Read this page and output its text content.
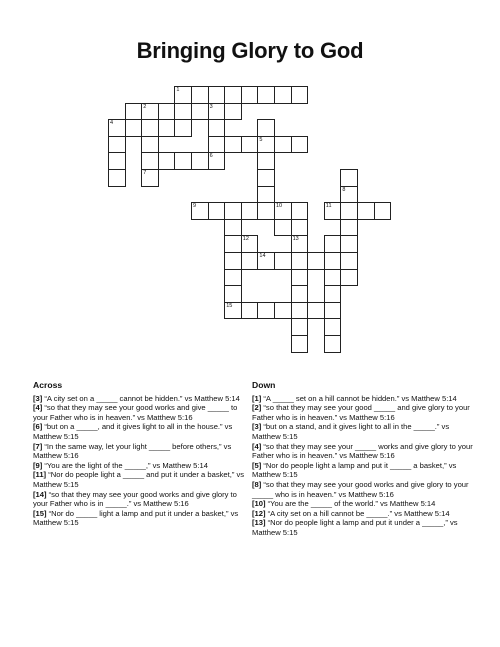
Bringing Glory to God
1
2	3
4
5
6
7
8
9	10	11
12	13
14
15
Across

[3] “A city set on a _____ cannot be hidden.” vs Matthew 5:14

[4] “so that they may see your good works and give _____ to your Father who is in heaven.” vs Matthew 5:16

[6] “but on a _____, and it gives light to all in the house.” vs Matthew 5:15

[7] “In the same way, let your light _____ before others,” vs Matthew 5:16

[9] “You are the light of the _____,” vs Matthew 5:14

[11] “Nor do people light a _____ and put it under a basket,” vs Matthew 5:15

[14] “so that they may see your good works and give glory to your Father who is in _____.” vs Matthew 5:16

[15] “Nor do _____ light a lamp and put it under a basket,” vs Matthew 5:15

Down

[1] “A _____ set on a hill cannot be hidden.” vs Matthew 5:14

[2] “so that they may see your good _____ and give glory to your Father who is in heaven.” vs Matthew 5:16

[3] “but on a stand, and it gives light to all in the _____.” vs Matthew 5:15

[4] “so that they may see your _____ works and give glory to your Father who is in heaven.” vs Matthew 5:16

[5] “Nor do people light a lamp and put it _____ a basket,” vs Matthew 5:15

[8] “so that they may see your good works and give glory to your _____ who is in heaven.” vs Matthew 5:16

[10] “You are the _____ of the world.” vs Matthew 5:14

[12] “A city set on a hill cannot be _____.” vs Matthew 5:14

[13] “Nor do people light a lamp and put it under a _____,” vs Matthew 5:15
